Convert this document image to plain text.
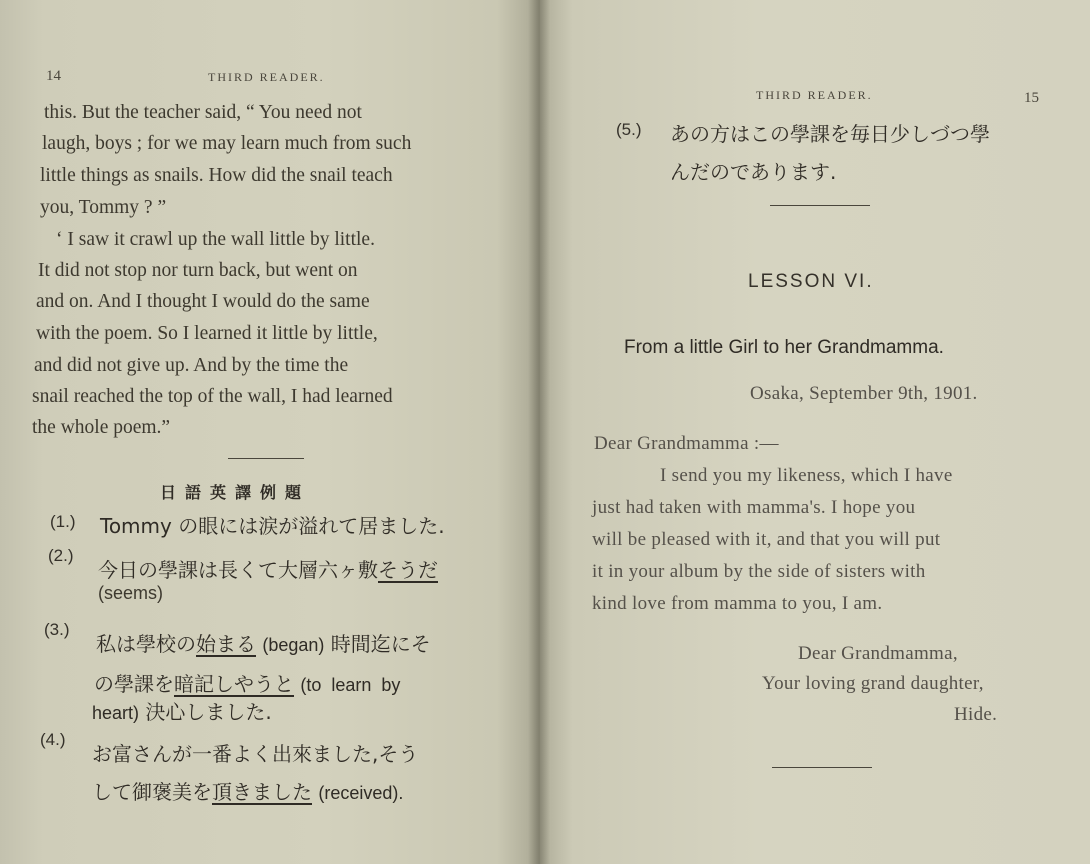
14	THIRD READER.
this. But the teacher said, “ You need not
laugh, boys ; for we may learn much from such
little things as snails. How did the snail teach
you, Tommy ? ”
‘ I saw it crawl up the wall little by little.
It did not stop nor turn back, but went on
and on. And I thought I would do the same
with the poem. So I learned it little by little,
and did not give up. And by the time the
snail reached the top of the wall, I had learned
the whole poem.”
日語英譯例題
(1.) Tommy の眼には涙が溢れて居ました.
(2.)
今日の學課は長くて大層六ヶ敷そうだ
(seems)
(3.)
私は學校の始まる (began) 時間迄にそ
の學課を暗記しやうと (to  learn  by
heart) 決心しました.
(4.)
お富さんが一番よく出來ました,そう
して御褒美を頂きました (received).
THIRD READER.	15
(5.) あの方はこの學課を毎日少しづつ學
んだのであります.
LESSON VI.
From a little Girl to her Grandmamma.
Osaka, September 9th, 1901.
Dear Grandmamma :—
I send you my likeness, which I have
just had taken with mamma's. I hope you
will be pleased with it, and that you will put
it in your album by the side of sisters with
kind love from mamma to you, I am.
Dear Grandmamma,
Your loving grand daughter,
Hide.
